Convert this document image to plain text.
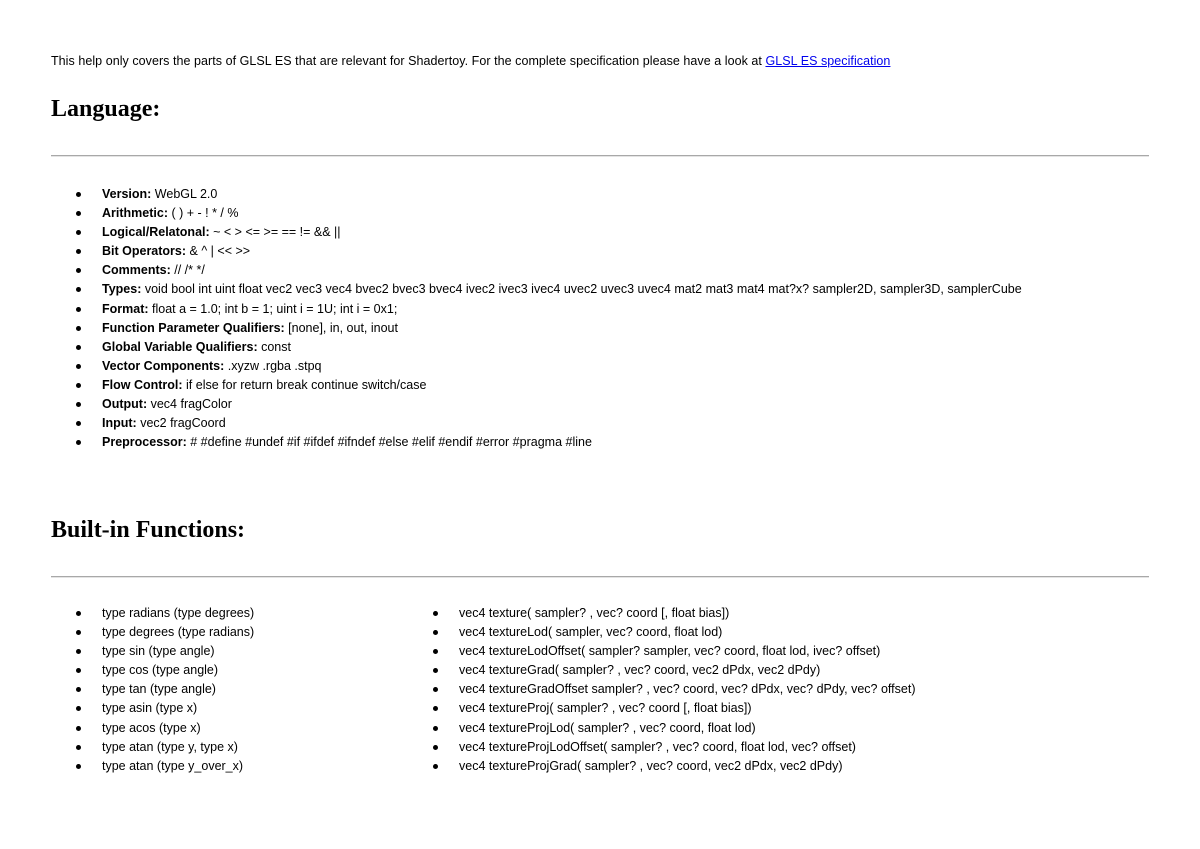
This help only covers the parts of GLSL ES that are relevant for Shadertoy. For the complete specification please have a look at GLSL ES specification

Language:
Version: WebGL 2.0
Arithmetic: ( ) + - ! * / %
Logical/Relatonal: ~ < > <= >= == != && ||
Bit Operators: & ^ | << >>
Comments: // /* */
Types: void bool int uint float vec2 vec3 vec4 bvec2 bvec3 bvec4 ivec2 ivec3 ivec4 uvec2 uvec3 uvec4 mat2 mat3 mat4 mat?x? sampler2D, sampler3D, samplerCube
Format: float a = 1.0; int b = 1; uint i = 1U; int i = 0x1;
Function Parameter Qualifiers: [none], in, out, inout
Global Variable Qualifiers: const
Vector Components: .xyzw .rgba .stpq
Flow Control: if else for return break continue switch/case
Output: vec4 fragColor
Input: vec2 fragCoord
Preprocessor: # #define #undef #if #ifdef #ifndef #else #elif #endif #error #pragma #line
Built-in Functions:
type radians (type degrees)
type degrees (type radians)
type sin (type angle)
type cos (type angle)
type tan (type angle)
type asin (type x)
type acos (type x)
type atan (type y, type x)
type atan (type y_over_x)
vec4 texture( sampler? , vec? coord [, float bias])
vec4 textureLod( sampler, vec? coord, float lod)
vec4 textureLodOffset( sampler? sampler, vec? coord, float lod, ivec? offset)
vec4 textureGrad( sampler? , vec? coord, vec2 dPdx, vec2 dPdy)
vec4 textureGradOffset sampler? , vec? coord, vec? dPdx, vec? dPdy, vec? offset)
vec4 textureProj( sampler? , vec? coord [, float bias])
vec4 textureProjLod( sampler? , vec? coord, float lod)
vec4 textureProjLodOffset( sampler? , vec? coord, float lod, vec? offset)
vec4 textureProjGrad( sampler? , vec? coord, vec2 dPdx, vec2 dPdy)
